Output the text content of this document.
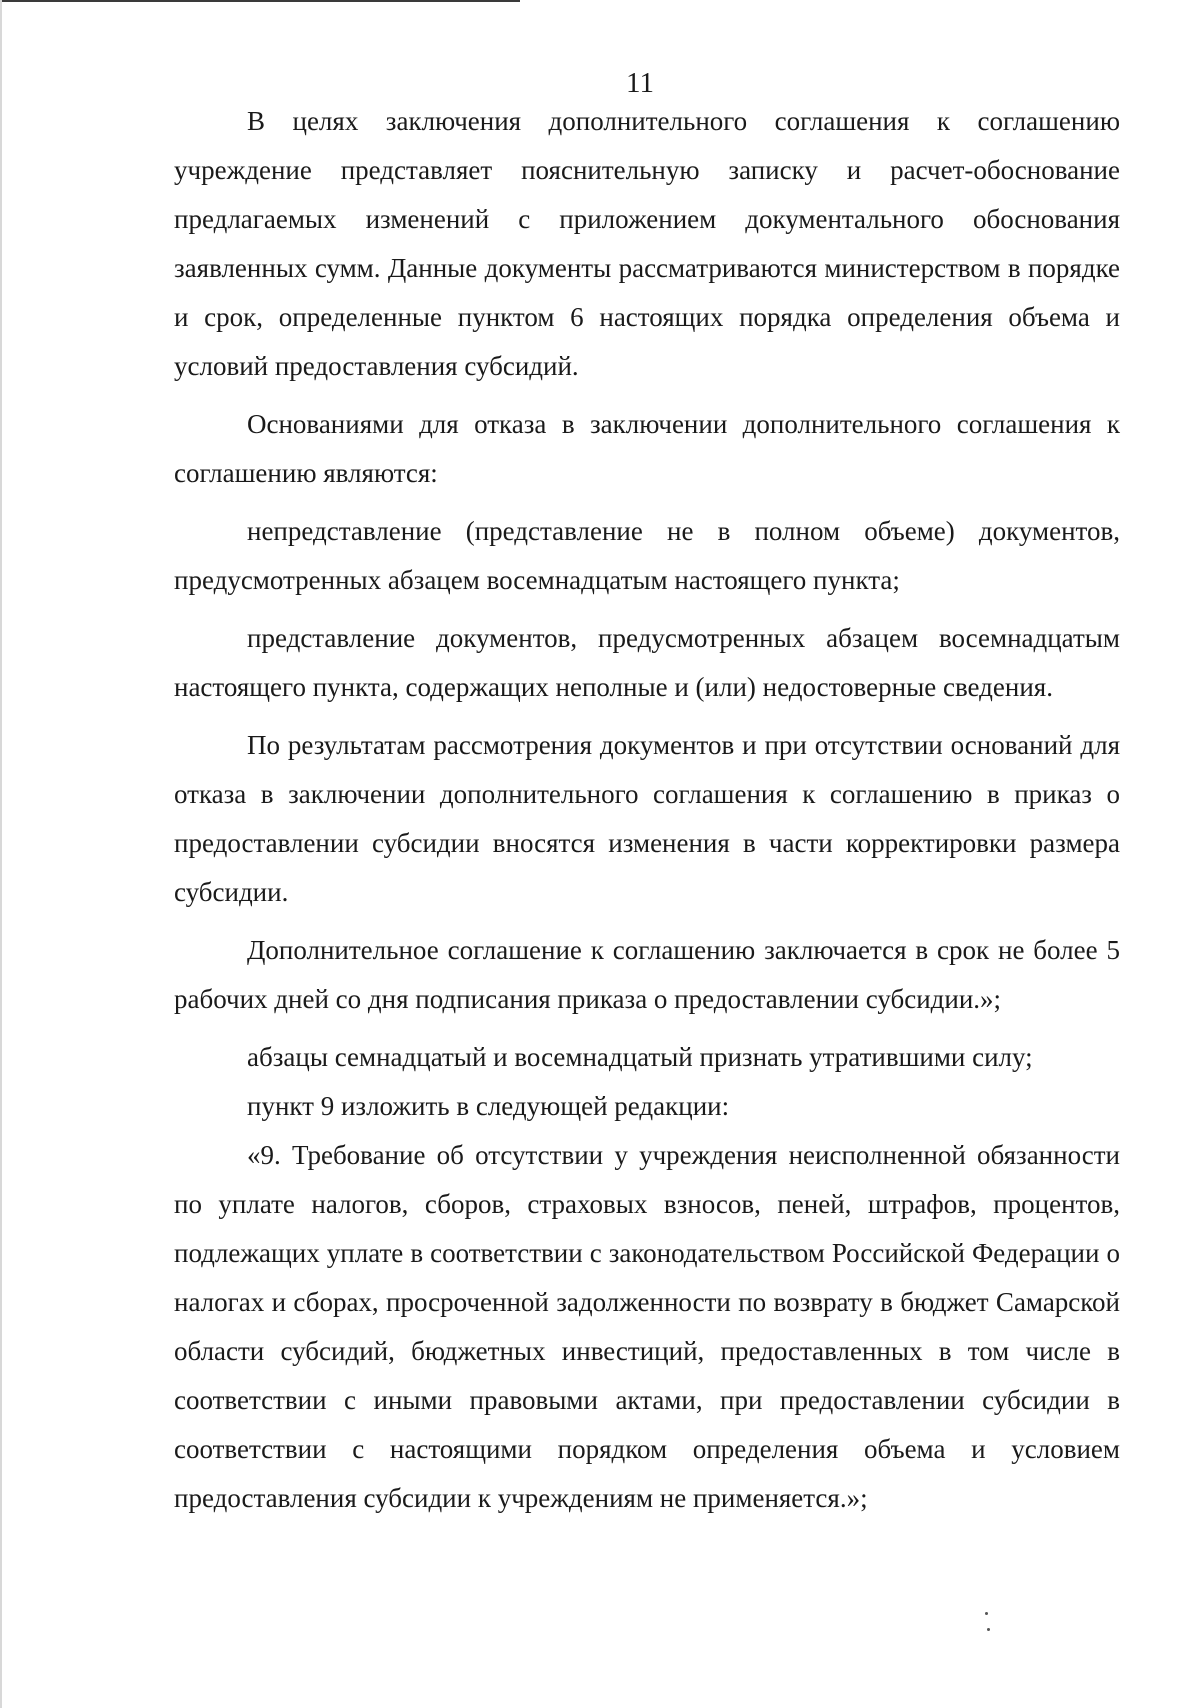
11

В целях заключения дополнительного соглашения к соглашению учреждение представляет пояснительную записку и расчет-обоснование предлагаемых изменений с приложением документального обоснования заявленных сумм. Данные документы рассматриваются министерством в порядке и срок, определенные пунктом 6 настоящих порядка определения объема и условий предоставления субсидий.

Основаниями для отказа в заключении дополнительного соглашения к соглашению являются:

непредставление (представление не в полном объеме) документов, предусмотренных абзацем восемнадцатым настоящего пункта;

представление документов, предусмотренных абзацем восемнадцатым настоящего пункта, содержащих неполные и (или) недостоверные сведения.

По результатам рассмотрения документов и при отсутствии оснований для отказа в заключении дополнительного соглашения к соглашению в приказ о предоставлении субсидии вносятся изменения в части корректировки размера субсидии.

Дополнительное соглашение к соглашению заключается в срок не более 5 рабочих дней со дня подписания приказа о предоставлении субсидии.»;

абзацы семнадцатый и восемнадцатый признать утратившими силу;

пункт 9 изложить в следующей редакции:

«9. Требование об отсутствии у учреждения неисполненной обязанности по уплате налогов, сборов, страховых взносов, пеней, штрафов, процентов, подлежащих уплате в соответствии с законодательством Российской Федерации о налогах и сборах, просроченной задолженности по возврату в бюджет Самарской области субсидий, бюджетных инвестиций, предоставленных в том числе в соответствии с иными правовыми актами, при предоставлении субсидии в соответствии с настоящими порядком определения объема и условием предоставления субсидии к учреждениям не применяется.»;
